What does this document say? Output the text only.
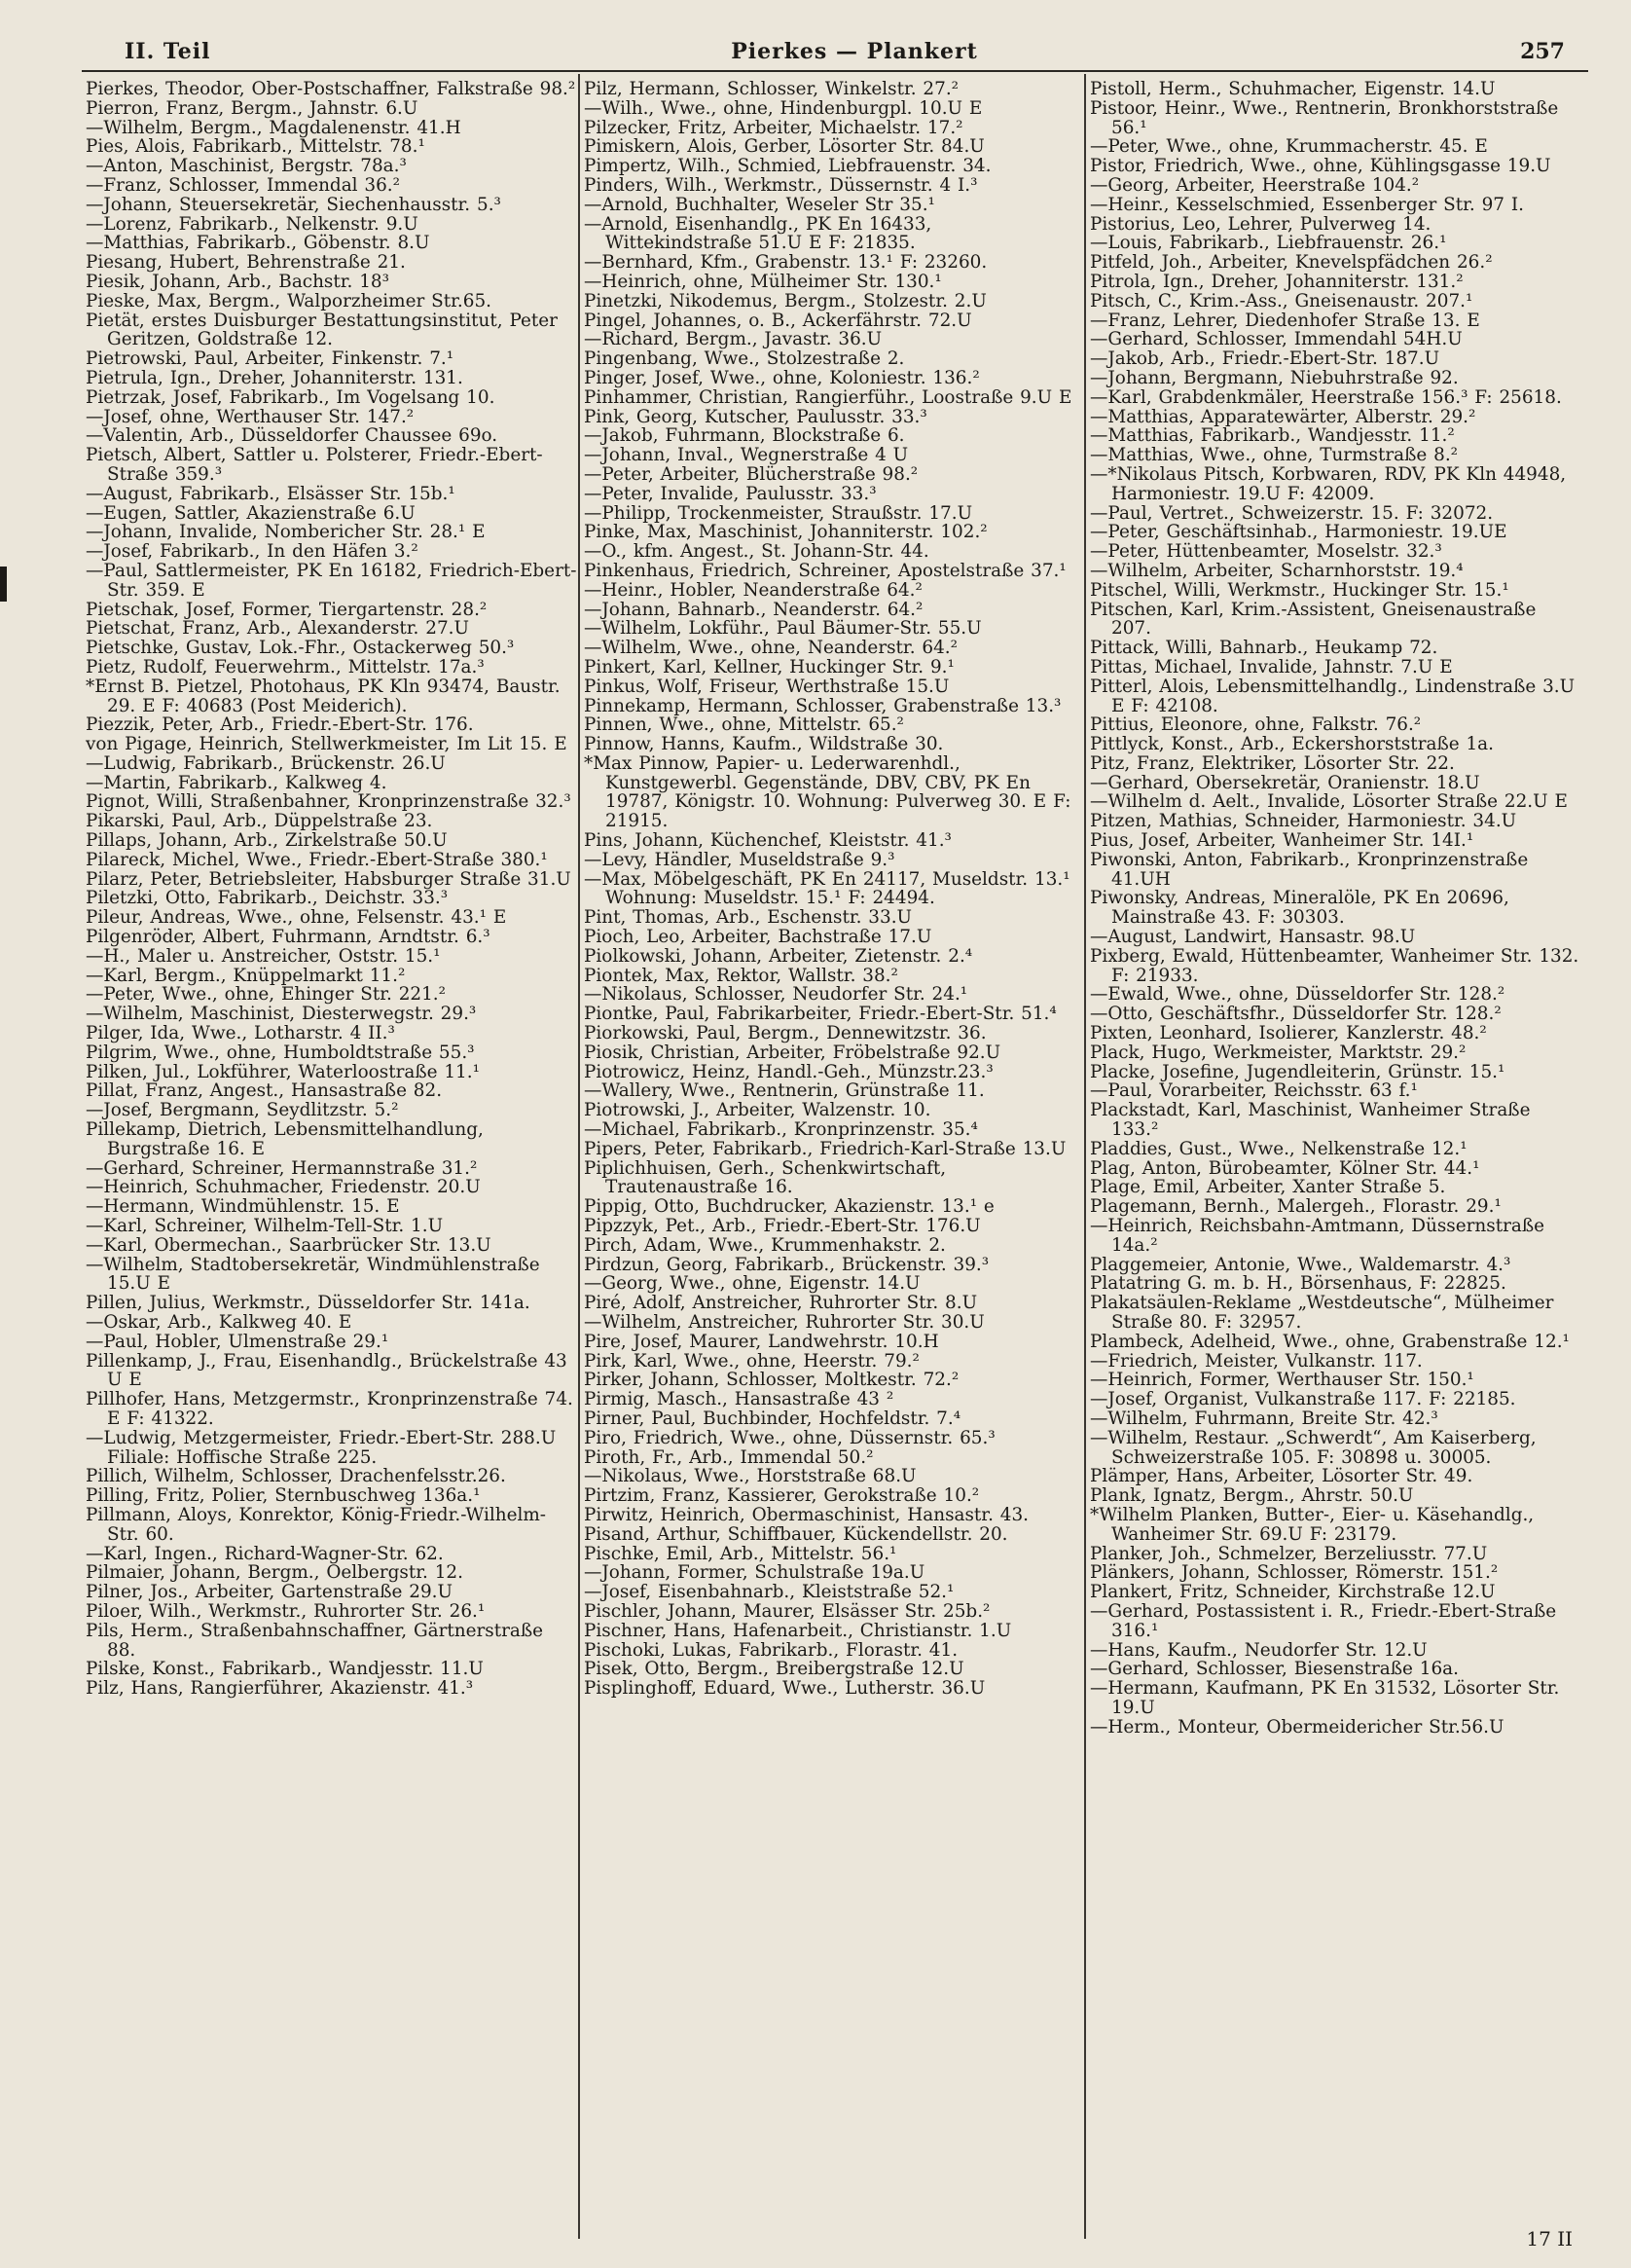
II. Teil	Pierkes — Plankert	257

Pierkes, Theodor, Ober-Postschaffner, Falkstraße 98.²

Pierron, Franz, Bergm., Jahnstr. 6.U

—Wilhelm, Bergm., Magdalenenstr. 41.H

Pies, Alois, Fabrikarb., Mittelstr. 78.¹

—Anton, Maschinist, Bergstr. 78a.³

—Franz, Schlosser, Immendal 36.²

—Johann, Steuersekretär, Siechenhausstr. 5.³

—Lorenz, Fabrikarb., Nelkenstr. 9.U

—Matthias, Fabrikarb., Göbenstr. 8.U

Piesang, Hubert, Behrenstraße 21.

Piesik, Johann, Arb., Bachstr. 18³

Pieske, Max, Bergm., Walporzheimer Str.65.

Pietät, erstes Duisburger Bestattungsinstitut, Peter Geritzen, Goldstraße 12.

Pietrowski, Paul, Arbeiter, Finkenstr. 7.¹

Pietrula, Ign., Dreher, Johanniterstr. 131.

Pietrzak, Josef, Fabrikarb., Im Vogelsang 10.

—Josef, ohne, Werthauser Str. 147.²

—Valentin, Arb., Düsseldorfer Chaussee 69o.

Pietsch, Albert, Sattler u. Polsterer, Friedr.-Ebert-Straße 359.³

—August, Fabrikarb., Elsässer Str. 15b.¹

—Eugen, Sattler, Akazienstraße 6.U

—Johann, Invalide, Nombericher Str. 28.¹ E

—Josef, Fabrikarb., In den Häfen 3.²

—Paul, Sattlermeister, PK En 16182, Friedrich-Ebert-Str. 359. E

Pietschak, Josef, Former, Tiergartenstr. 28.²

Pietschat, Franz, Arb., Alexanderstr. 27.U

Pietschke, Gustav, Lok.-Fhr., Ostackerweg 50.³

Pietz, Rudolf, Feuerwehrm., Mittelstr. 17a.³

*Ernst B. Pietzel, Photohaus, PK Kln 93474, Baustr. 29. E F: 40683 (Post Meiderich).

Piezzik, Peter, Arb., Friedr.-Ebert-Str. 176.

von Pigage, Heinrich, Stellwerkmeister, Im Lit 15. E

—Ludwig, Fabrikarb., Brückenstr. 26.U

—Martin, Fabrikarb., Kalkweg 4.

Pignot, Willi, Straßenbahner, Kronprinzenstraße 32.³

Pikarski, Paul, Arb., Düppelstraße 23.

Pillaps, Johann, Arb., Zirkelstraße 50.U

Pilareck, Michel, Wwe., Friedr.-Ebert-Straße 380.¹

Pilarz, Peter, Betriebsleiter, Habsburger Straße 31.U

Piletzki, Otto, Fabrikarb., Deichstr. 33.³

Pileur, Andreas, Wwe., ohne, Felsenstr. 43.¹ E

Pilgenröder, Albert, Fuhrmann, Arndtstr. 6.³

—H., Maler u. Anstreicher, Oststr. 15.¹

—Karl, Bergm., Knüppelmarkt 11.²

—Peter, Wwe., ohne, Ehinger Str. 221.²

—Wilhelm, Maschinist, Diesterwegstr. 29.³

Pilger, Ida, Wwe., Lotharstr. 4 II.³

Pilgrim, Wwe., ohne, Humboldtstraße 55.³

Pilken, Jul., Lokführer, Waterloostraße 11.¹

Pillat, Franz, Angest., Hansastraße 82.

—Josef, Bergmann, Seydlitzstr. 5.²

Pillekamp, Dietrich, Lebensmittelhandlung, Burgstraße 16. E

—Gerhard, Schreiner, Hermannstraße 31.²

—Heinrich, Schuhmacher, Friedenstr. 20.U

—Hermann, Windmühlenstr. 15. E

—Karl, Schreiner, Wilhelm-Tell-Str. 1.U

—Karl, Obermechan., Saarbrücker Str. 13.U

—Wilhelm, Stadtobersekretär, Windmühlenstraße 15.U E

Pillen, Julius, Werkmstr., Düsseldorfer Str. 141a.

—Oskar, Arb., Kalkweg 40. E

—Paul, Hobler, Ulmenstraße 29.¹

Pillenkamp, J., Frau, Eisenhandlg., Brückelstraße 43 U E

Pillhofer, Hans, Metzgermstr., Kronprinzenstraße 74. E F: 41322.

—Ludwig, Metzgermeister, Friedr.-Ebert-Str. 288.U Filiale: Hoffische Straße 225.

Pillich, Wilhelm, Schlosser, Drachenfelsstr.26.

Pilling, Fritz, Polier, Sternbuschweg 136a.¹

Pillmann, Aloys, Konrektor, König-Friedr.-Wilhelm-Str. 60.

—Karl, Ingen., Richard-Wagner-Str. 62.

Pilmaier, Johann, Bergm., Oelbergstr. 12.

Pilner, Jos., Arbeiter, Gartenstraße 29.U

Piloer, Wilh., Werkmstr., Ruhrorter Str. 26.¹

Pils, Herm., Straßenbahnschaffner, Gärtnerstraße 88.

Pilske, Konst., Fabrikarb., Wandjesstr. 11.U

Pilz, Hans, Rangierführer, Akazienstr. 41.³

Pilz, Hermann, Schlosser, Winkelstr. 27.²

—Wilh., Wwe., ohne, Hindenburgpl. 10.U E

Pilzecker, Fritz, Arbeiter, Michaelstr. 17.²

Pimiskern, Alois, Gerber, Lösorter Str. 84.U

Pimpertz, Wilh., Schmied, Liebfrauenstr. 34.

Pinders, Wilh., Werkmstr., Düssernstr. 4 I.³

—Arnold, Buchhalter, Weseler Str 35.¹

—Arnold, Eisenhandlg., PK En 16433, Wittekindstraße 51.U E F: 21835.

—Bernhard, Kfm., Grabenstr. 13.¹ F: 23260.

—Heinrich, ohne, Mülheimer Str. 130.¹

Pinetzki, Nikodemus, Bergm., Stolzestr. 2.U

Pingel, Johannes, o. B., Ackerfährstr. 72.U

—Richard, Bergm., Javastr. 36.U

Pingenbang, Wwe., Stolzestraße 2.

Pinger, Josef, Wwe., ohne, Koloniestr. 136.²

Pinhammer, Christian, Rangierführ., Loostraße 9.U E

Pink, Georg, Kutscher, Paulusstr. 33.³

—Jakob, Fuhrmann, Blockstraße 6.

—Johann, Inval., Wegnerstraße 4 U

—Peter, Arbeiter, Blücherstraße 98.²

—Peter, Invalide, Paulusstr. 33.³

—Philipp, Trockenmeister, Straußstr. 17.U

Pinke, Max, Maschinist, Johanniterstr. 102.²

—O., kfm. Angest., St. Johann-Str. 44.

Pinkenhaus, Friedrich, Schreiner, Apostelstraße 37.¹

—Heinr., Hobler, Neanderstraße 64.²

—Johann, Bahnarb., Neanderstr. 64.²

—Wilhelm, Lokführ., Paul Bäumer-Str. 55.U

—Wilhelm, Wwe., ohne, Neanderstr. 64.²

Pinkert, Karl, Kellner, Huckinger Str. 9.¹

Pinkus, Wolf, Friseur, Werthstraße 15.U

Pinnekamp, Hermann, Schlosser, Grabenstraße 13.³

Pinnen, Wwe., ohne, Mittelstr. 65.²

Pinnow, Hanns, Kaufm., Wildstraße 30.

*Max Pinnow, Papier- u. Lederwarenhdl., Kunstgewerbl. Gegenstände, DBV, CBV, PK En 19787, Königstr. 10. Wohnung: Pulverweg 30. E F: 21915.

Pins, Johann, Küchenchef, Kleiststr. 41.³

—Levy, Händler, Museldstraße 9.³

—Max, Möbelgeschäft, PK En 24117, Museldstr. 13.¹ Wohnung: Museldstr. 15.¹ F: 24494.

Pint, Thomas, Arb., Eschenstr. 33.U

Pioch, Leo, Arbeiter, Bachstraße 17.U

Piolkowski, Johann, Arbeiter, Zietenstr. 2.⁴

Piontek, Max, Rektor, Wallstr. 38.²

—Nikolaus, Schlosser, Neudorfer Str. 24.¹

Piontke, Paul, Fabrikarbeiter, Friedr.-Ebert-Str. 51.⁴

Piorkowski, Paul, Bergm., Dennewitzstr. 36.

Piosik, Christian, Arbeiter, Fröbelstraße 92.U

Piotrowicz, Heinz, Handl.-Geh., Münzstr.23.³

—Wallery, Wwe., Rentnerin, Grünstraße 11.

Piotrowski, J., Arbeiter, Walzenstr. 10.

—Michael, Fabrikarb., Kronprinzenstr. 35.⁴

Pipers, Peter, Fabrikarb., Friedrich-Karl-Straße 13.U

Piplichhuisen, Gerh., Schenkwirtschaft, Trautenaustraße 16.

Pippig, Otto, Buchdrucker, Akazienstr. 13.¹ e

Pipzzyk, Pet., Arb., Friedr.-Ebert-Str. 176.U

Pirch, Adam, Wwe., Krummenhakstr. 2.

Pirdzun, Georg, Fabrikarb., Brückenstr. 39.³

—Georg, Wwe., ohne, Eigenstr. 14.U

Piré, Adolf, Anstreicher, Ruhrorter Str. 8.U

—Wilhelm, Anstreicher, Ruhrorter Str. 30.U

Pire, Josef, Maurer, Landwehrstr. 10.H

Pirk, Karl, Wwe., ohne, Heerstr. 79.²

Pirker, Johann, Schlosser, Moltkestr. 72.²

Pirmig, Masch., Hansastraße 43 ²

Pirner, Paul, Buchbinder, Hochfeldstr. 7.⁴

Piro, Friedrich, Wwe., ohne, Düssernstr. 65.³

Piroth, Fr., Arb., Immendal 50.²

—Nikolaus, Wwe., Horststraße 68.U

Pirtzim, Franz, Kassierer, Gerokstraße 10.²

Pirwitz, Heinrich, Obermaschinist, Hansastr. 43.

Pisand, Arthur, Schiffbauer, Kückendellstr. 20.

Pischke, Emil, Arb., Mittelstr. 56.¹

—Johann, Former, Schulstraße 19a.U

—Josef, Eisenbahnarb., Kleiststraße 52.¹

Pischler, Johann, Maurer, Elsässer Str. 25b.²

Pischner, Hans, Hafenarbeit., Christianstr. 1.U

Pischoki, Lukas, Fabrikarb., Florastr. 41.

Pisek, Otto, Bergm., Breibergstraße 12.U

Pisplinghoff, Eduard, Wwe., Lutherstr. 36.U

Pistoll, Herm., Schuhmacher, Eigenstr. 14.U

Pistoor, Heinr., Wwe., Rentnerin, Bronkhorststraße 56.¹

—Peter, Wwe., ohne, Krummacherstr. 45. E

Pistor, Friedrich, Wwe., ohne, Kühlingsgasse 19.U

—Georg, Arbeiter, Heerstraße 104.²

—Heinr., Kesselschmied, Essenberger Str. 97 I.

Pistorius, Leo, Lehrer, Pulverweg 14.

—Louis, Fabrikarb., Liebfrauenstr. 26.¹

Pitfeld, Joh., Arbeiter, Knevelspfädchen 26.²

Pitrola, Ign., Dreher, Johanniterstr. 131.²

Pitsch, C., Krim.-Ass., Gneisenaustr. 207.¹

—Franz, Lehrer, Diedenhofer Straße 13. E

—Gerhard, Schlosser, Immendahl 54H.U

—Jakob, Arb., Friedr.-Ebert-Str. 187.U

—Johann, Bergmann, Niebuhrstraße 92.

—Karl, Grabdenkmäler, Heerstraße 156.³ F: 25618.

—Matthias, Apparatewärter, Alberstr. 29.²

—Matthias, Fabrikarb., Wandjesstr. 11.²

—Matthias, Wwe., ohne, Turmstraße 8.²

—*Nikolaus Pitsch, Korbwaren, RDV, PK Kln 44948, Harmoniestr. 19.U F: 42009.

—Paul, Vertret., Schweizerstr. 15. F: 32072.

—Peter, Geschäftsinhab., Harmoniestr. 19.UE

—Peter, Hüttenbeamter, Moselstr. 32.³

—Wilhelm, Arbeiter, Scharnhorststr. 19.⁴

Pitschel, Willi, Werkmstr., Huckinger Str. 15.¹

Pitschen, Karl, Krim.-Assistent, Gneisenaustraße 207.

Pittack, Willi, Bahnarb., Heukamp 72.

Pittas, Michael, Invalide, Jahnstr. 7.U E

Pitterl, Alois, Lebensmittelhandlg., Lindenstraße 3.U E F: 42108.

Pittius, Eleonore, ohne, Falkstr. 76.²

Pittlyck, Konst., Arb., Eckershorststraße 1a.

Pitz, Franz, Elektriker, Lösorter Str. 22.

—Gerhard, Obersekretär, Oranienstr. 18.U

—Wilhelm d. Aelt., Invalide, Lösorter Straße 22.U E

Pitzen, Mathias, Schneider, Harmoniestr. 34.U

Pius, Josef, Arbeiter, Wanheimer Str. 14I.¹

Piwonski, Anton, Fabrikarb., Kronprinzenstraße 41.UH

Piwonsky, Andreas, Mineralöle, PK En 20696, Mainstraße 43. F: 30303.

—August, Landwirt, Hansastr. 98.U

Pixberg, Ewald, Hüttenbeamter, Wanheimer Str. 132. F: 21933.

—Ewald, Wwe., ohne, Düsseldorfer Str. 128.²

—Otto, Geschäftsfhr., Düsseldorfer Str. 128.²

Pixten, Leonhard, Isolierer, Kanzlerstr. 48.²

Plack, Hugo, Werkmeister, Marktstr. 29.²

Placke, Josefine, Jugendleiterin, Grünstr. 15.¹

—Paul, Vorarbeiter, Reichsstr. 63 f.¹

Plackstadt, Karl, Maschinist, Wanheimer Straße 133.²

Pladdies, Gust., Wwe., Nelkenstraße 12.¹

Plag, Anton, Bürobeamter, Kölner Str. 44.¹

Plage, Emil, Arbeiter, Xanter Straße 5.

Plagemann, Bernh., Malergeh., Florastr. 29.¹

—Heinrich, Reichsbahn-Amtmann, Düssernstraße 14a.²

Plaggemeier, Antonie, Wwe., Waldemarstr. 4.³

Platatring G. m. b. H., Börsenhaus, F: 22825.

Plakatsäulen-Reklame „Westdeutsche“, Mülheimer Straße 80. F: 32957.

Plambeck, Adelheid, Wwe., ohne, Grabenstraße 12.¹

—Friedrich, Meister, Vulkanstr. 117.

—Heinrich, Former, Werthauser Str. 150.¹

—Josef, Organist, Vulkanstraße 117. F: 22185.

—Wilhelm, Fuhrmann, Breite Str. 42.³

—Wilhelm, Restaur. „Schwerdt“, Am Kaiserberg, Schweizerstraße 105. F: 30898 u. 30005.

Plämper, Hans, Arbeiter, Lösorter Str. 49.

Plank, Ignatz, Bergm., Ahrstr. 50.U

*Wilhelm Planken, Butter-, Eier- u. Käsehandlg., Wanheimer Str. 69.U F: 23179.

Planker, Joh., Schmelzer, Berzeliusstr. 77.U

Plänkers, Johann, Schlosser, Römerstr. 151.²

Plankert, Fritz, Schneider, Kirchstraße 12.U

—Gerhard, Postassistent i. R., Friedr.-Ebert-Straße 316.¹

—Hans, Kaufm., Neudorfer Str. 12.U

—Gerhard, Schlosser, Biesenstraße 16a.

—Hermann, Kaufmann, PK En 31532, Lösorter Str. 19.U

—Herm., Monteur, Obermeidericher Str.56.U

17 II
